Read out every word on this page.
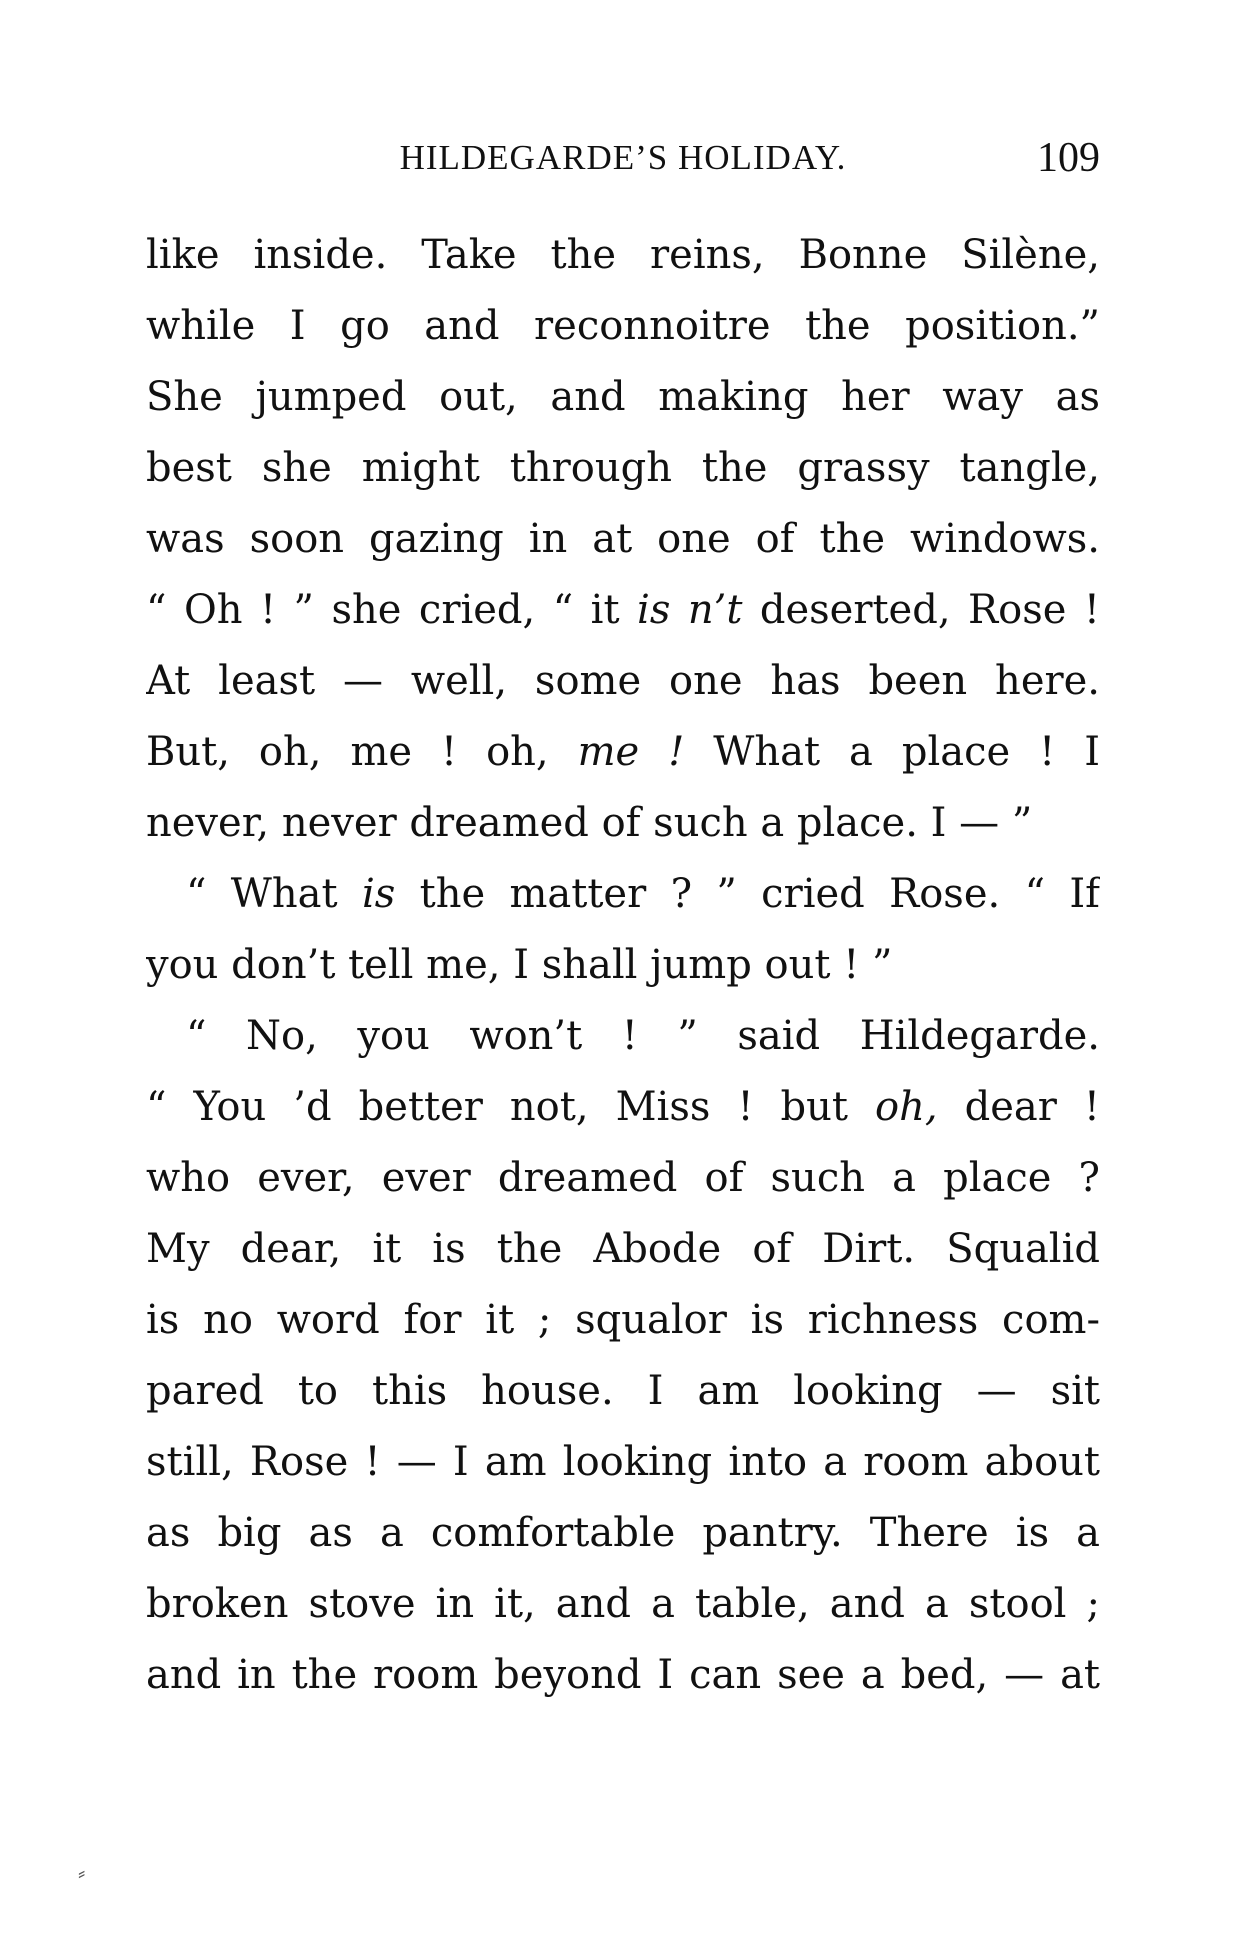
HILDEGARDE’S HOLIDAY.	109
like inside. Take the reins, Bonne Silène,
while I go and reconnoitre the position.”
She jumped out, and making her way as
best she might through the grassy tangle,
was soon gazing in at one of the windows.
“ Oh ! ” she cried, “ it is n’t deserted, Rose !
At least — well, some one has been here.
But, oh, me ! oh, me ! What a place ! I
never, never dreamed of such a place. I — ”
“ What is the matter ? ” cried Rose. “ If
you don’t tell me, I shall jump out ! ”
“ No, you won’t ! ” said Hildegarde.
“ You ’d better not, Miss ! but oh, dear !
who ever, ever dreamed of such a place ?
My dear, it is the Abode of Dirt. Squalid
is no word for it ; squalor is richness com-
pared to this house. I am looking — sit
still, Rose ! — I am looking into a room about
as big as a comfortable pantry. There is a
broken stove in it, and a table, and a stool ;
and in the room beyond I can see a bed, — at
⸗
